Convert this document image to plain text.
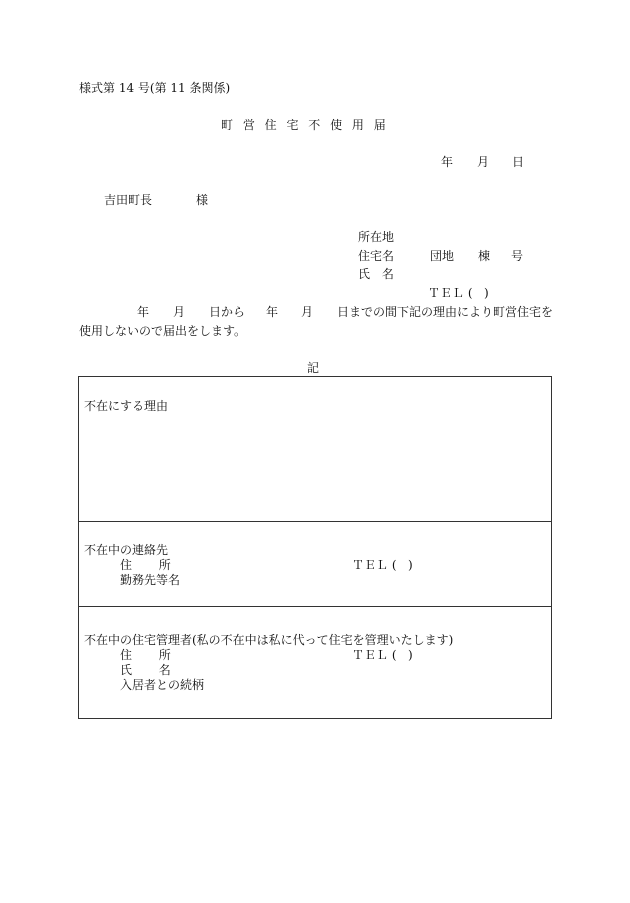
様式第 14 号(第 11 条関係)
町 営 住 宅 不 使 用 届
年 月 日
吉田町長	様
所在地
住宅名	団地 棟 号
氏 名
ＴＥＬ (   )
年 月 日から 年 月 日までの間下記の理由により町営住宅を
使用しないので届出をします。
記
不在にする理由
不在中の連絡先
住       所	ＴＥＬ (   )
勤務先等名
不在中の住宅管理者(私の不在中は私に代って住宅を管理いたします)
住       所	ＴＥＬ (   )
氏       名
入居者との続柄
